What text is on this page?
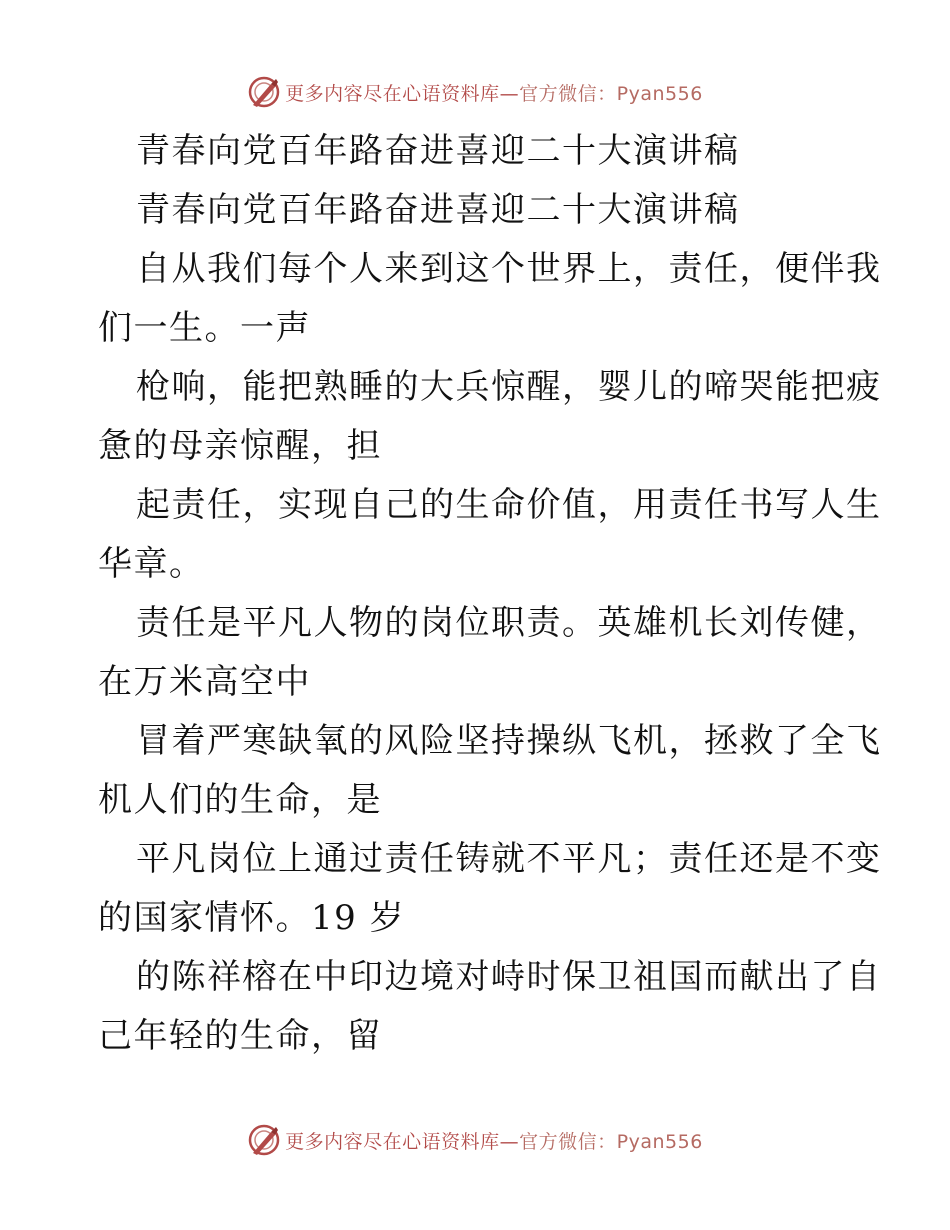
更多内容尽在心语资料库—官方微信：Pyan556

青春向党百年路奋进喜迎二十大演讲稿

青春向党百年路奋进喜迎二十大演讲稿

自从我们每个人来到这个世界上，责任，便伴我
们一生。一声

枪响，能把熟睡的大兵惊醒，婴儿的啼哭能把疲
惫的母亲惊醒，担

起责任，实现自己的生命价值，用责任书写人生
华章。

责任是平凡人物的岗位职责。英雄机长刘传健，
在万米高空中

冒着严寒缺氧的风险坚持操纵飞机，拯救了全飞
机人们的生命，是

平凡岗位上通过责任铸就不平凡；责任还是不变
的国家情怀。19 岁

的陈祥榕在中印边境对峙时保卫祖国而献出了自
己年轻的生命，留

更多内容尽在心语资料库—官方微信：Pyan556
